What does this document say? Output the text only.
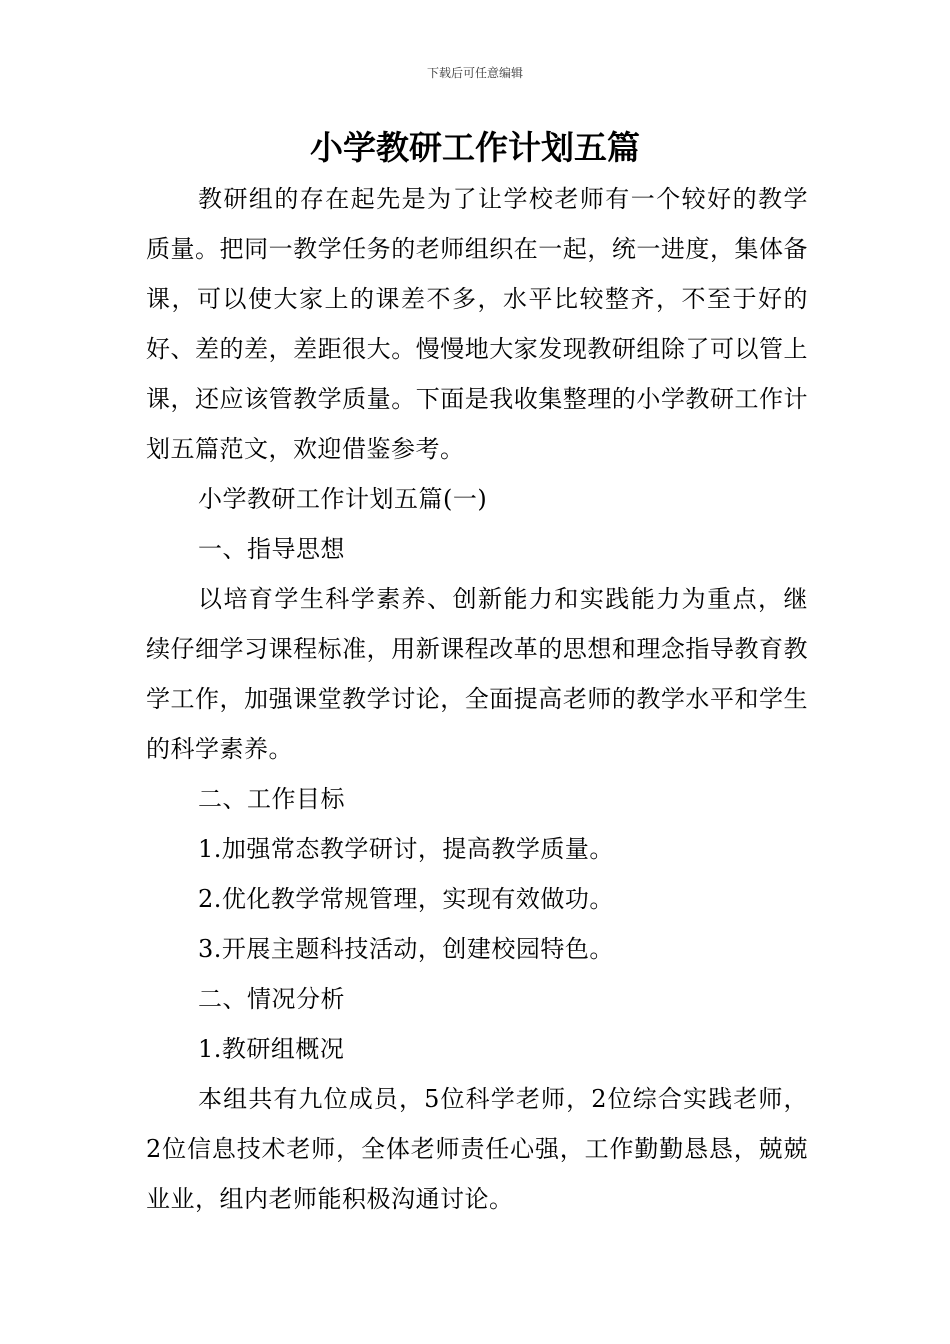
下载后可任意编辑
小学教研工作计划五篇

教研组的存在起先是为了让学校老师有一个较好的教学质量。把同一教学任务的老师组织在一起，统一进度，集体备课，可以使大家上的课差不多，水平比较整齐，不至于好的好、差的差，差距很大。慢慢地大家发现教研组除了可以管上课，还应该管教学质量。下面是我收集整理的小学教研工作计划五篇范文，欢迎借鉴参考。

小学教研工作计划五篇(一)

一、指导思想

以培育学生科学素养、创新能力和实践能力为重点，继续仔细学习课程标准，用新课程改革的思想和理念指导教育教学工作，加强课堂教学讨论，全面提高老师的教学水平和学生的科学素养。

二、工作目标

1.加强常态教学研讨，提高教学质量。

2.优化教学常规管理，实现有效做功。

3.开展主题科技活动，创建校园特色。

二、情况分析

1.教研组概况

本组共有九位成员，5位科学老师，2位综合实践老师，2位信息技术老师，全体老师责任心强，工作勤勤恳恳，兢兢业业，组内老师能积极沟通讨论。
